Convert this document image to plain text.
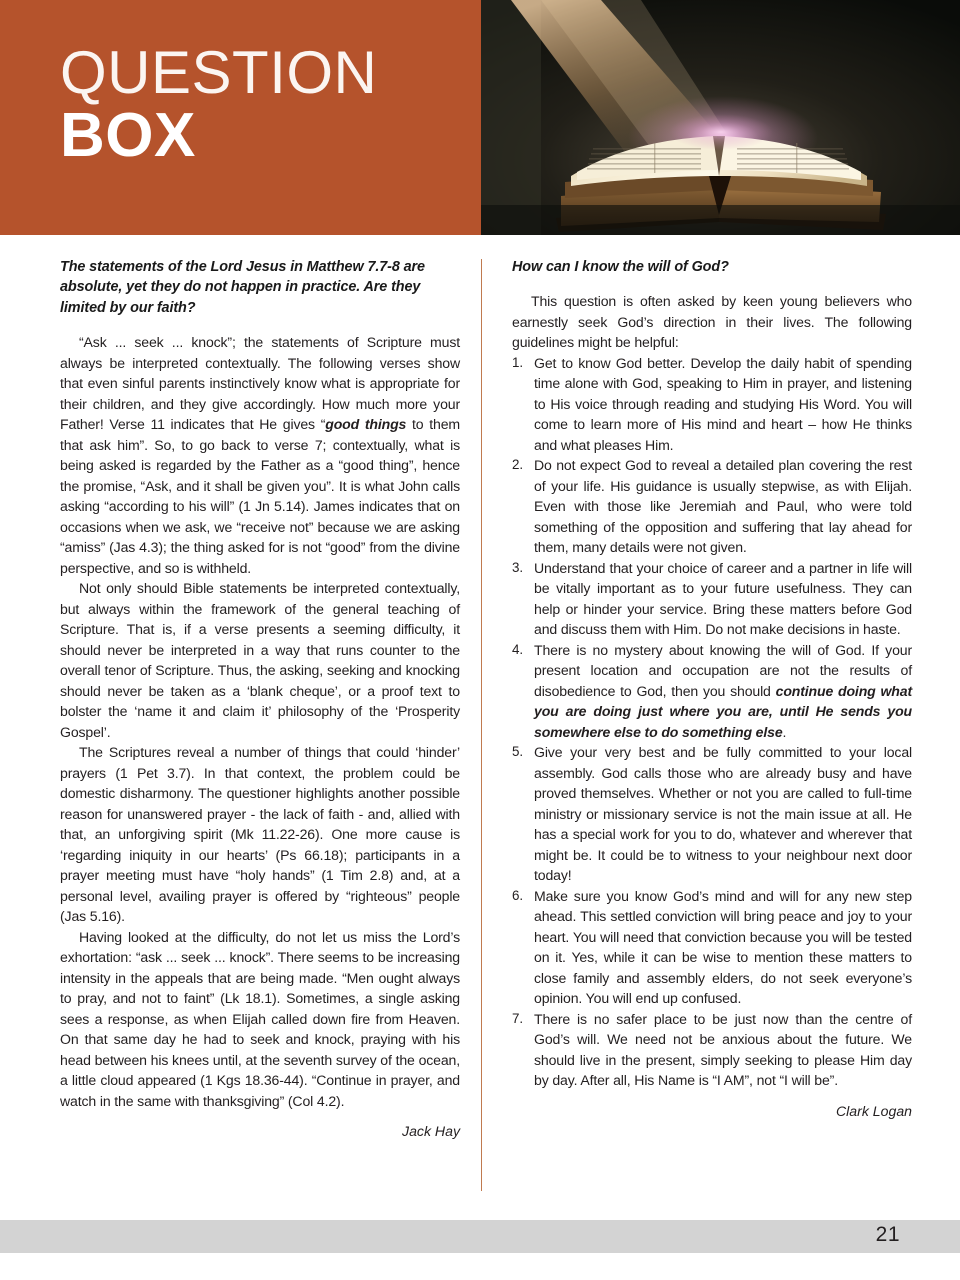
QUESTION
BOX
The statements of the Lord Jesus in Matthew 7.7-8 are absolute, yet they do not happen in practice. Are they limited by our faith?

“Ask ... seek ... knock”; the statements of Scripture must always be interpreted contextually. The following verses show that even sinful parents instinctively know what is appropriate for their children, and they give accordingly. How much more your Father! Verse 11 indicates that He gives “good things to them that ask him”. So, to go back to verse 7; contextually, what is being asked is regarded by the Father as a “good thing”, hence the promise, “Ask, and it shall be given you”. It is what John calls asking “according to his will” (1 Jn 5.14). James indicates that on occasions when we ask, we “receive not” because we are asking “amiss” (Jas 4.3); the thing asked for is not “good” from the divine perspective, and so is withheld.

Not only should Bible statements be interpreted contextually, but always within the framework of the general teaching of Scripture. That is, if a verse presents a seeming difficulty, it should never be interpreted in a way that runs counter to the overall tenor of Scripture. Thus, the asking, seeking and knocking should never be taken as a ‘blank cheque’, or a proof text to bolster the ‘name it and claim it’ philosophy of the ‘Prosperity Gospel’.

The Scriptures reveal a number of things that could ‘hinder’ prayers (1 Pet 3.7). In that context, the problem could be domestic disharmony. The questioner highlights another possible reason for unanswered prayer - the lack of faith - and, allied with that, an unforgiving spirit (Mk 11.22-26). One more cause is ‘regarding iniquity in our hearts’ (Ps 66.18); participants in a prayer meeting must have “holy hands” (1 Tim 2.8) and, at a personal level, availing prayer is offered by “righteous” people (Jas 5.16).

Having looked at the difficulty, do not let us miss the Lord’s exhortation: “ask ... seek ... knock”. There seems to be increasing intensity in the appeals that are being made. “Men ought always to pray, and not to faint” (Lk 18.1). Sometimes, a single asking sees a response, as when Elijah called down fire from Heaven. On that same day he had to seek and knock, praying with his head between his knees until, at the seventh survey of the ocean, a little cloud appeared (1 Kgs 18.36-44). “Continue in prayer, and watch in the same with thanksgiving” (Col 4.2).

Jack Hay
How can I know the will of God?

This question is often asked by keen young believers who earnestly seek God’s direction in their lives. The following guidelines might be helpful:

Get to know God better. Develop the daily habit of spending time alone with God, speaking to Him in prayer, and listening to His voice through reading and studying His Word. You will come to learn more of His mind and heart – how He thinks and what pleases Him.
Do not expect God to reveal a detailed plan covering the rest of your life. His guidance is usually stepwise, as with Elijah. Even with those like Jeremiah and Paul, who were told something of the opposition and suffering that lay ahead for them, many details were not given.
Understand that your choice of career and a partner in life will be vitally important as to your future usefulness. They can help or hinder your service. Bring these matters before God and discuss them with Him. Do not make decisions in haste.
There is no mystery about knowing the will of God. If your present location and occupation are not the results of disobedience to God, then you should continue doing what you are doing just where you are, until He sends you somewhere else to do something else.
Give your very best and be fully committed to your local assembly. God calls those who are already busy and have proved themselves. Whether or not you are called to full-time ministry or missionary service is not the main issue at all. He has a special work for you to do, whatever and wherever that might be. It could be to witness to your neighbour next door today!
Make sure you know God’s mind and will for any new step ahead. This settled conviction will bring peace and joy to your heart. You will need that conviction because you will be tested on it. Yes, while it can be wise to mention these matters to close family and assembly elders, do not seek everyone’s opinion. You will end up confused.
There is no safer place to be just now than the centre of God’s will. We need not be anxious about the future. We should live in the present, simply seeking to please Him day by day. After all, His Name is “I AM”, not “I will be”.
Clark Logan
21
